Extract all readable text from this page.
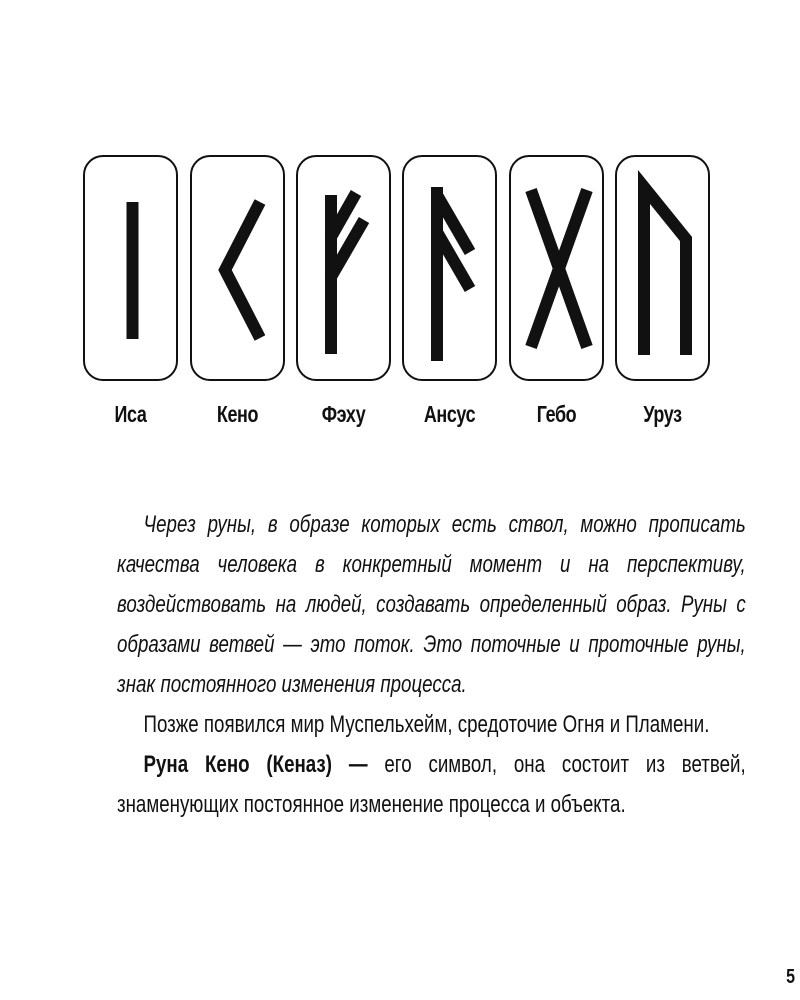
Иса	Кено	Фэху	Ансус	Гебо	Уруз

Через руны, в образе которых есть ствол, можно прописать качества человека в конкретный момент и на перспективу, воздействовать на людей, создавать определенный образ. Руны с образами ветвей — это поток. Это поточные и проточные руны, знак постоянного изменения процесса.

Позже появился мир Муспельхейм, средоточие Огня и Пламени.

Руна Кено (Кеназ) — его символ, она состоит из ветвей, знаменующих постоянное изменение процесса и объекта.

5
